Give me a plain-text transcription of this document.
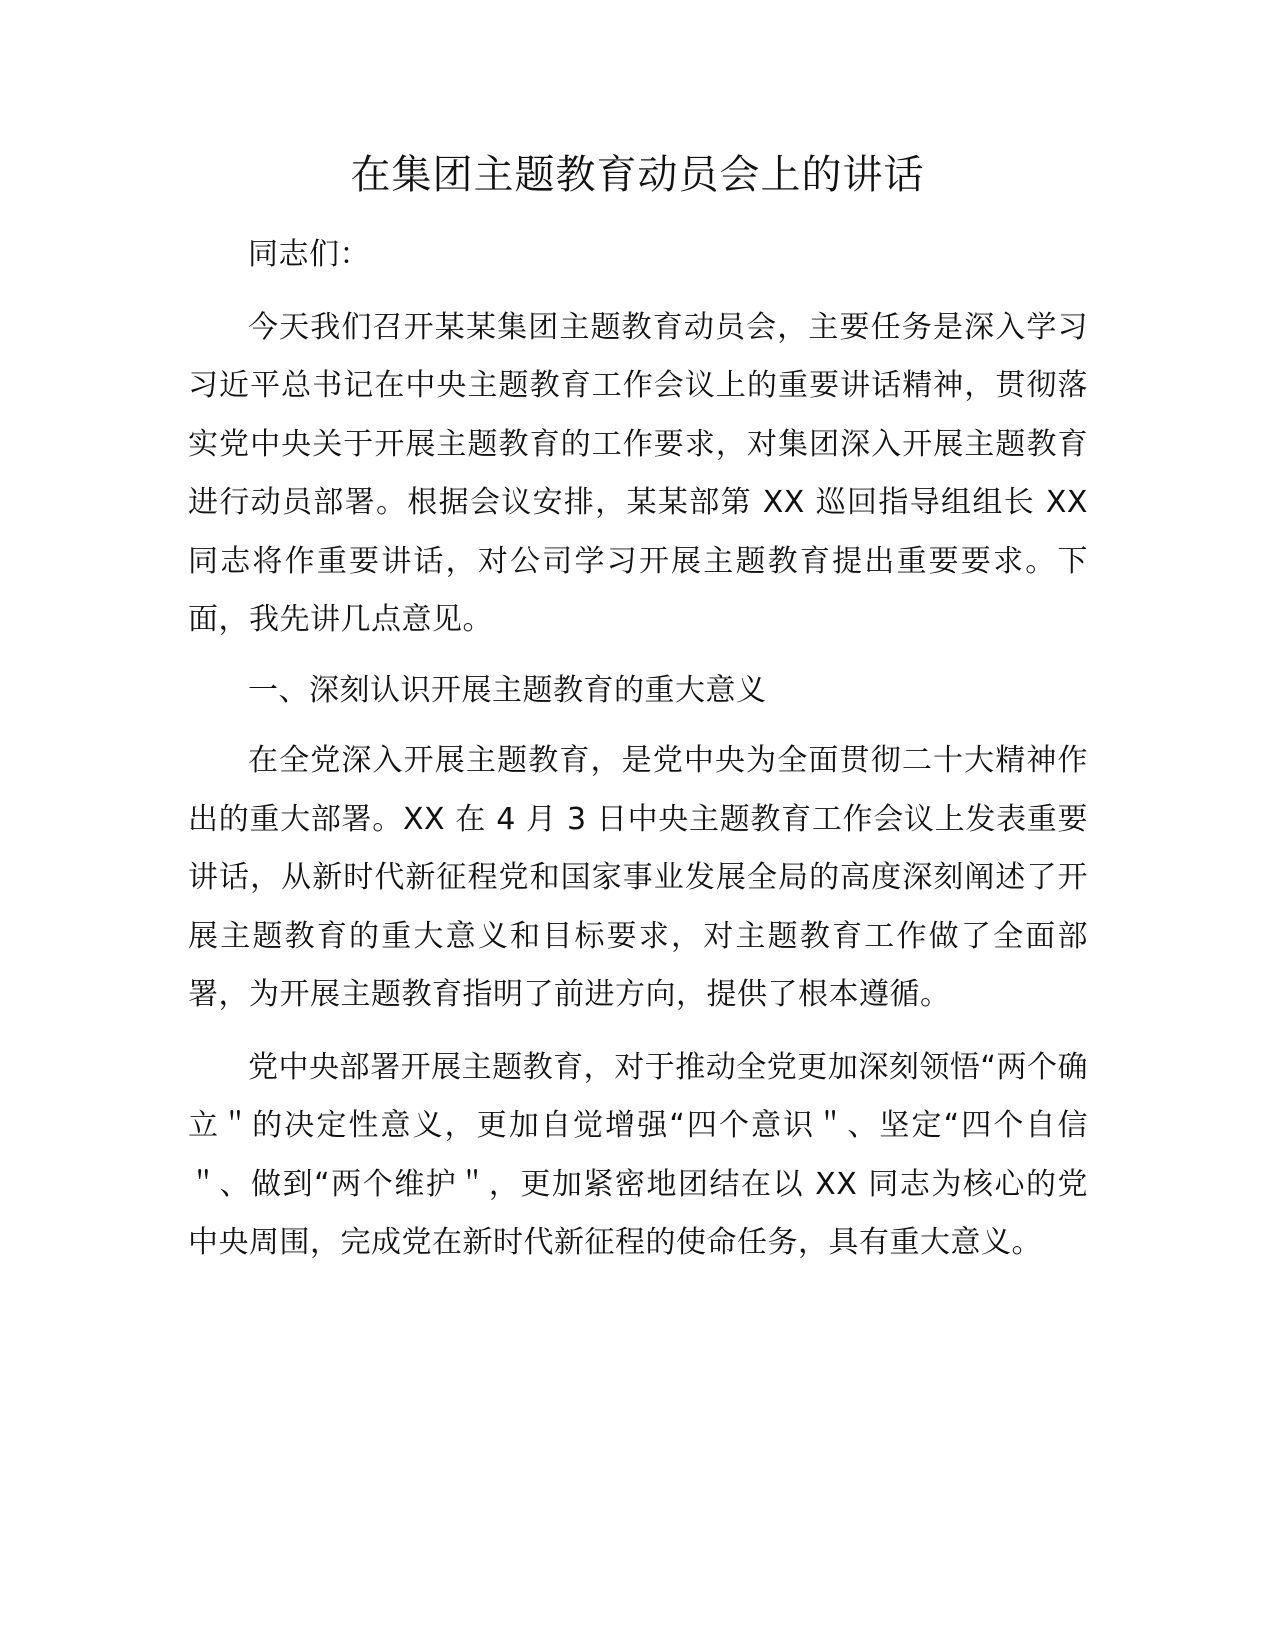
在集团主题教育动员会上的讲话

同志们：

今天我们召开某某集团主题教育动员会，主要任务是深入学习习近平总书记在中央主题教育工作会议上的重要讲话精神，贯彻落实党中央关于开展主题教育的工作要求，对集团深入开展主题教育进行动员部署。根据会议安排，某某部第 XX 巡回指导组组长 XX 同志将作重要讲话，对公司学习开展主题教育提出重要要求。下面，我先讲几点意见。

一、深刻认识开展主题教育的重大意义

在全党深入开展主题教育，是党中央为全面贯彻二十大精神作出的重大部署。XX 在 4 月 3 日中央主题教育工作会议上发表重要讲话，从新时代新征程党和国家事业发展全局的高度深刻阐述了开展主题教育的重大意义和目标要求，对主题教育工作做了全面部署，为开展主题教育指明了前进方向，提供了根本遵循。

党中央部署开展主题教育，对于推动全党更加深刻领悟“两个确立＂的决定性意义，更加自觉增强“四个意识＂、坚定“四个自信＂、做到“两个维护＂，更加紧密地团结在以 XX 同志为核心的党中央周围，完成党在新时代新征程的使命任务，具有重大意义。
